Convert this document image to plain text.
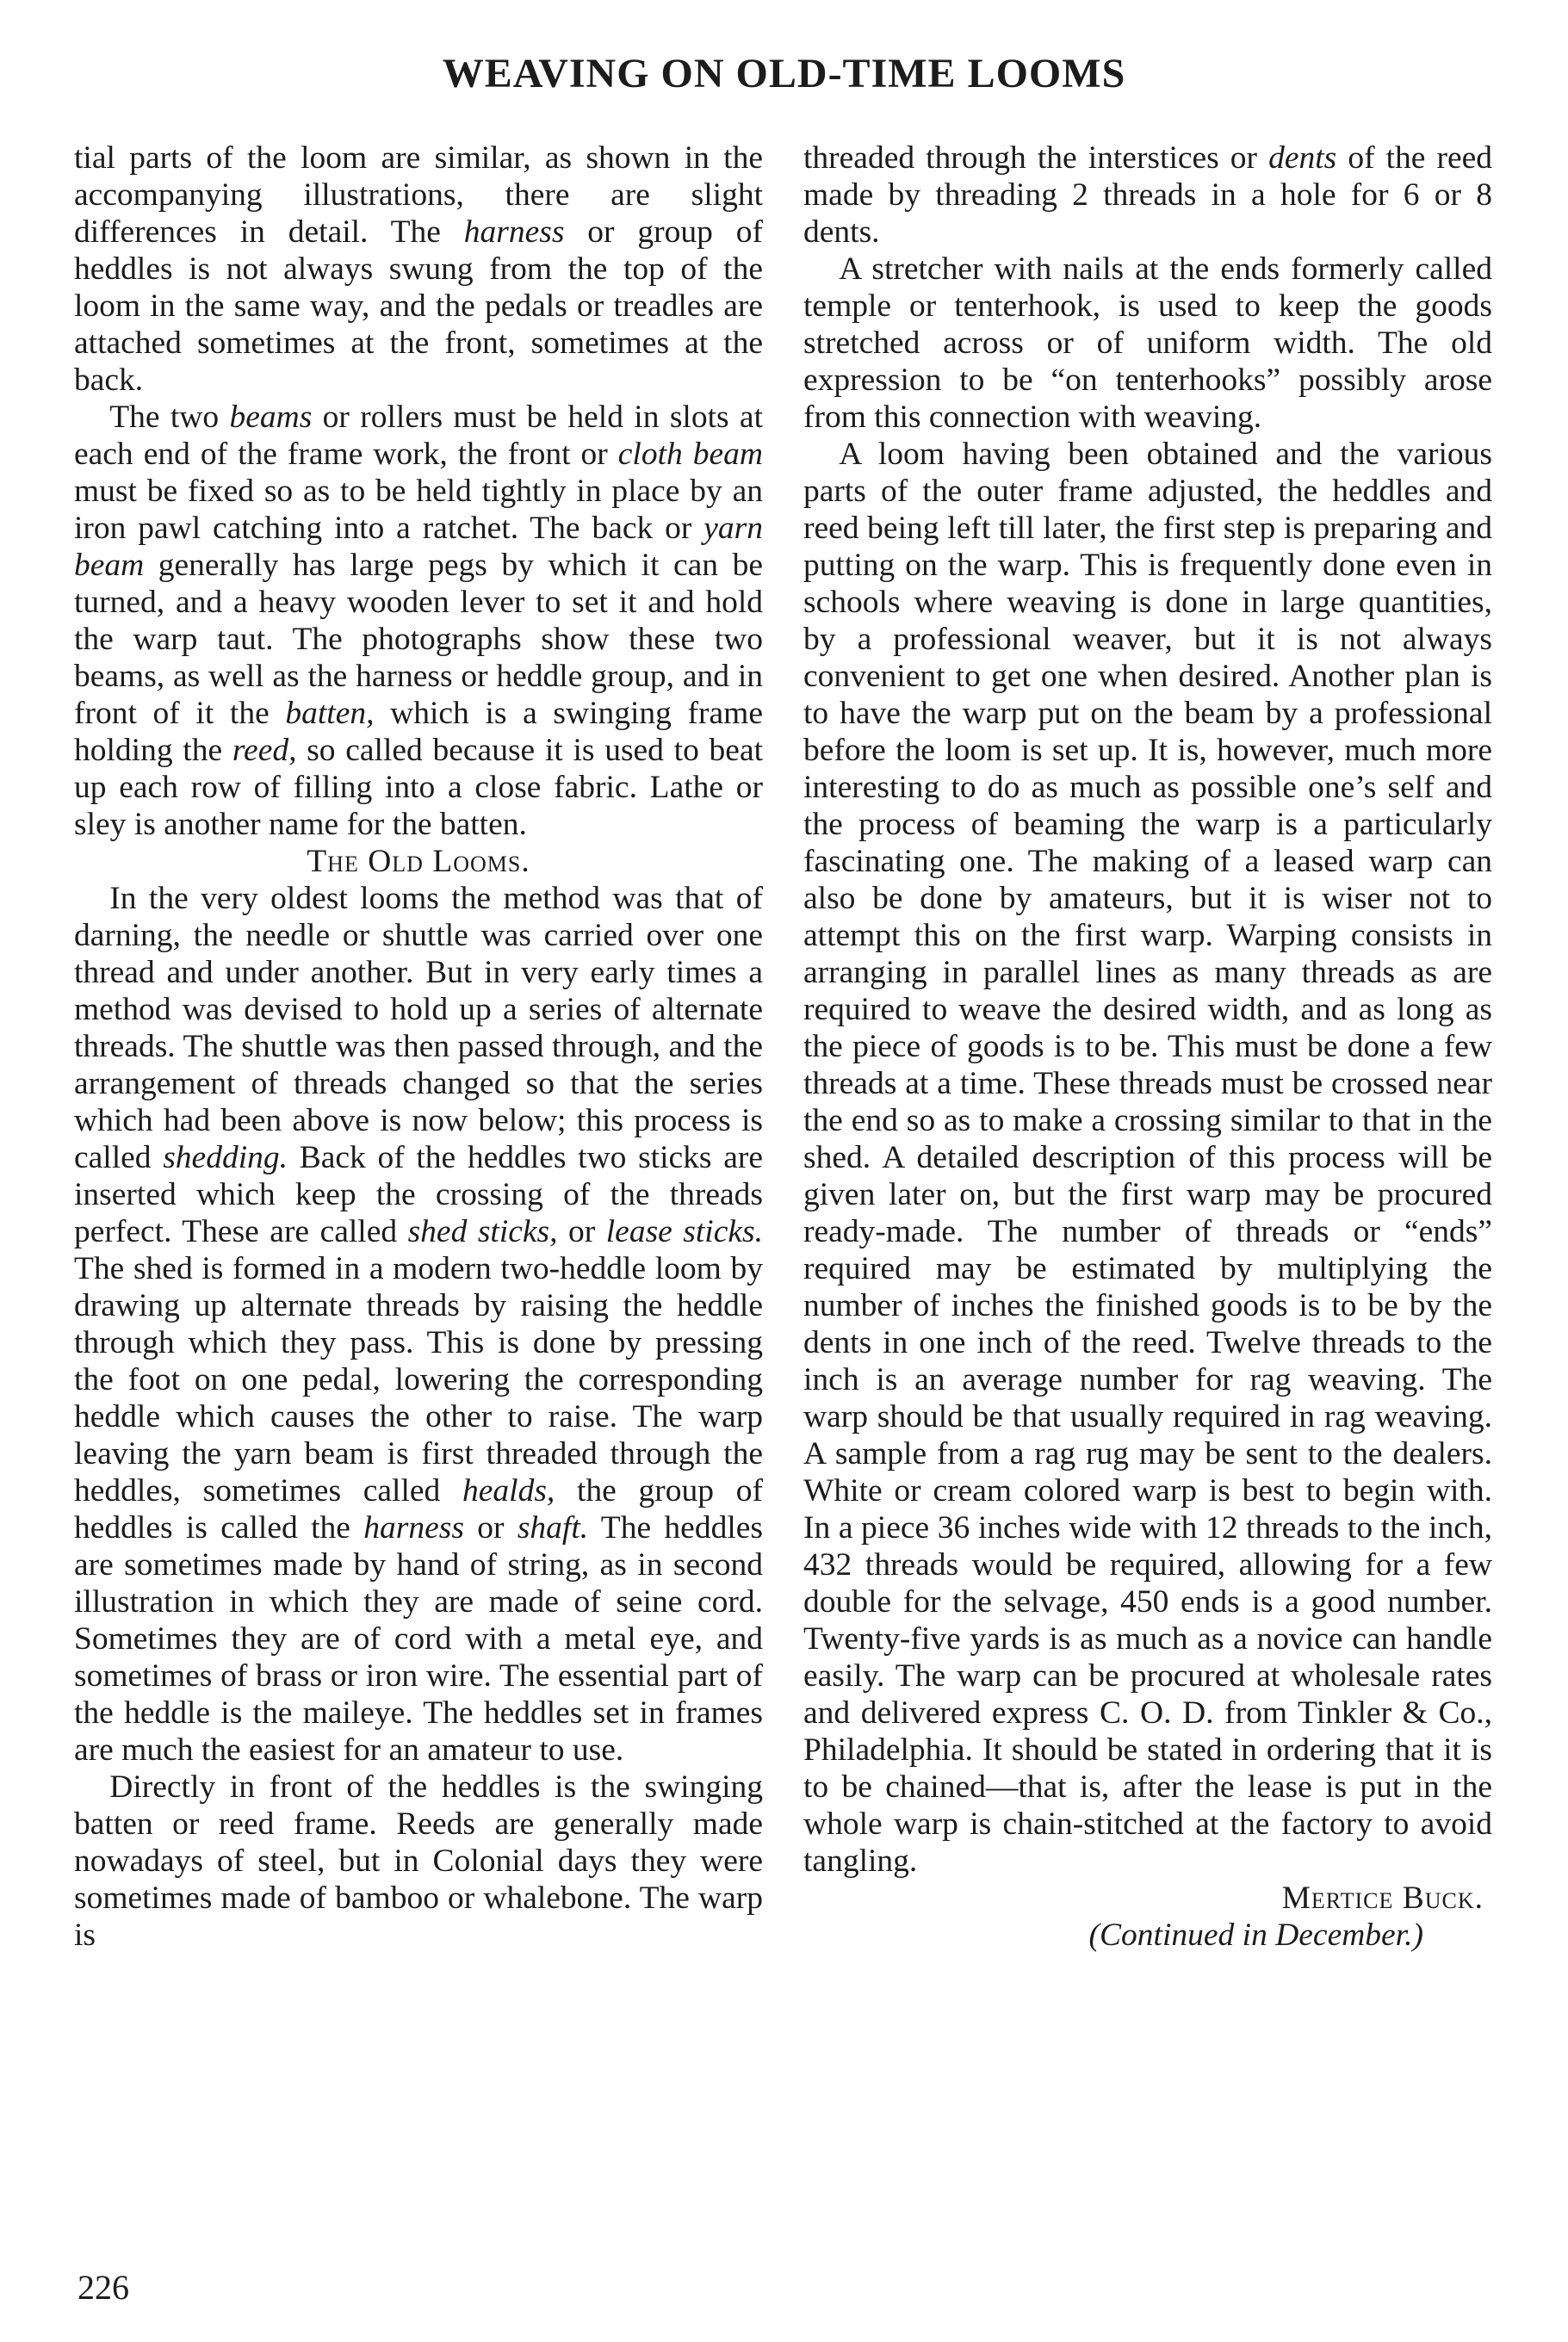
WEAVING ON OLD-TIME LOOMS

tial parts of the loom are similar, as shown in the accompanying illustrations, there are slight differences in detail. The harness or group of heddles is not always swung from the top of the loom in the same way, and the pedals or treadles are attached sometimes at the front, sometimes at the back.

The two beams or rollers must be held in slots at each end of the frame work, the front or cloth beam must be fixed so as to be held tightly in place by an iron pawl catching into a ratchet. The back or yarn beam generally has large pegs by which it can be turned, and a heavy wooden lever to set it and hold the warp taut. The photographs show these two beams, as well as the harness or heddle group, and in front of it the batten, which is a swinging frame holding the reed, so called because it is used to beat up each row of filling into a close fabric. Lathe or sley is another name for the batten.

The Old Looms.

In the very oldest looms the method was that of darning, the needle or shuttle was carried over one thread and under another. But in very early times a method was devised to hold up a series of alternate threads. The shuttle was then passed through, and the arrangement of threads changed so that the series which had been above is now below; this process is called shedding. Back of the heddles two sticks are inserted which keep the crossing of the threads perfect. These are called shed sticks, or lease sticks. The shed is formed in a modern two-heddle loom by drawing up alternate threads by raising the heddle through which they pass. This is done by pressing the foot on one pedal, lowering the corresponding heddle which causes the other to raise. The warp leaving the yarn beam is first threaded through the heddles, sometimes called healds, the group of heddles is called the harness or shaft. The heddles are sometimes made by hand of string, as in second illustration in which they are made of seine cord. Sometimes they are of cord with a metal eye, and sometimes of brass or iron wire. The essential part of the heddle is the maileye. The heddles set in frames are much the easiest for an amateur to use.

Directly in front of the heddles is the swinging batten or reed frame. Reeds are generally made nowadays of steel, but in Colonial days they were sometimes made of bamboo or whalebone. The warp is

threaded through the interstices or dents of the reed made by threading 2 threads in a hole for 6 or 8 dents.

A stretcher with nails at the ends formerly called temple or tenterhook, is used to keep the goods stretched across or of uniform width. The old expression to be “on tenterhooks” possibly arose from this connection with weaving.

A loom having been obtained and the various parts of the outer frame adjusted, the heddles and reed being left till later, the first step is preparing and putting on the warp. This is frequently done even in schools where weaving is done in large quantities, by a professional weaver, but it is not always convenient to get one when desired. Another plan is to have the warp put on the beam by a professional before the loom is set up. It is, however, much more interesting to do as much as possible one’s self and the process of beaming the warp is a particularly fascinating one. The making of a leased warp can also be done by amateurs, but it is wiser not to attempt this on the first warp. Warping consists in arranging in parallel lines as many threads as are required to weave the desired width, and as long as the piece of goods is to be. This must be done a few threads at a time. These threads must be crossed near the end so as to make a crossing similar to that in the shed. A detailed description of this process will be given later on, but the first warp may be procured ready-made. The number of threads or “ends” required may be estimated by multiplying the number of inches the finished goods is to be by the dents in one inch of the reed. Twelve threads to the inch is an average number for rag weaving. The warp should be that usually required in rag weaving. A sample from a rag rug may be sent to the dealers. White or cream colored warp is best to begin with. In a piece 36 inches wide with 12 threads to the inch, 432 threads would be required, allowing for a few double for the selvage, 450 ends is a good number. Twenty-five yards is as much as a novice can handle easily. The warp can be procured at wholesale rates and delivered express C. O. D. from Tinkler & Co., Philadelphia. It should be stated in ordering that it is to be chained—that is, after the lease is put in the whole warp is chain-stitched at the factory to avoid tangling.

Mertice Buck.

(Continued in December.)

226
